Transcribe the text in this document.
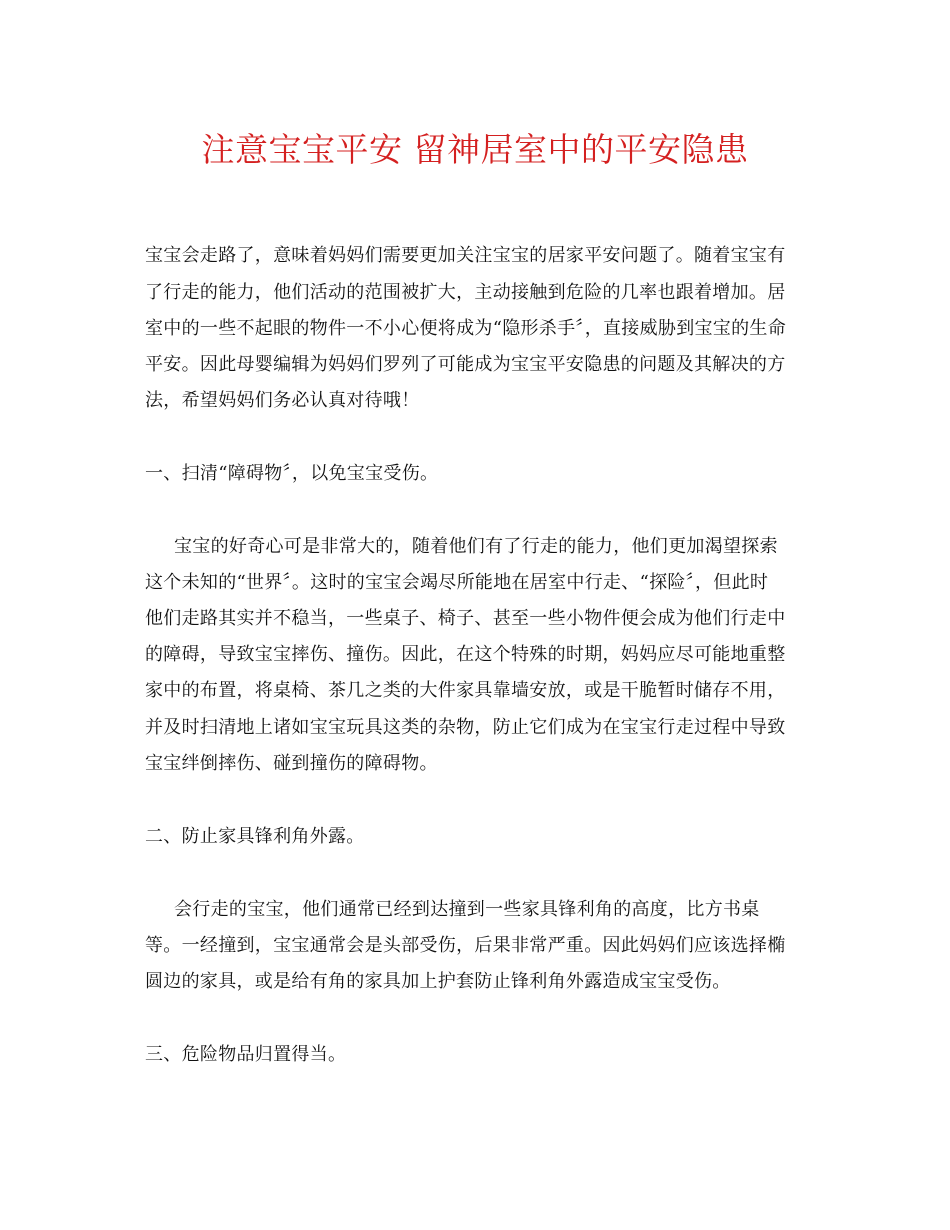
注意宝宝平安 留神居室中的平安隐患
宝宝会走路了，意味着妈妈们需要更加关注宝宝的居家平安问题了。随着宝宝有
了行走的能力，他们活动的范围被扩大，主动接触到危险的几率也跟着增加。居
室中的一些不起眼的物件一不小心便将成为“隐形杀手〞，直接威胁到宝宝的生命
平安。因此母婴编辑为妈妈们罗列了可能成为宝宝平安隐患的问题及其解决的方
法，希望妈妈们务必认真对待哦！
一、扫清“障碍物〞，以免宝宝受伤。
宝宝的好奇心可是非常大的，随着他们有了行走的能力，他们更加渴望探索
这个未知的“世界〞。这时的宝宝会竭尽所能地在居室中行走、“探险〞，但此时
他们走路其实并不稳当，一些桌子、椅子、甚至一些小物件便会成为他们行走中
的障碍，导致宝宝摔伤、撞伤。因此，在这个特殊的时期，妈妈应尽可能地重整
家中的布置，将桌椅、茶几之类的大件家具靠墙安放，或是干脆暂时储存不用，
并及时扫清地上诸如宝宝玩具这类的杂物，防止它们成为在宝宝行走过程中导致
宝宝绊倒摔伤、碰到撞伤的障碍物。
二、防止家具锋利角外露。
会行走的宝宝，他们通常已经到达撞到一些家具锋利角的高度，比方书桌
等。一经撞到，宝宝通常会是头部受伤，后果非常严重。因此妈妈们应该选择椭
圆边的家具，或是给有角的家具加上护套防止锋利角外露造成宝宝受伤。
三、危险物品归置得当。
